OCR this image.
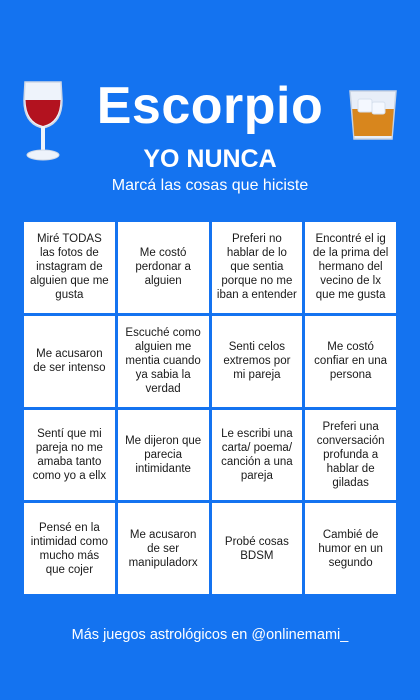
Escorpio
YO NUNCA
Marcá las cosas que hiciste
Miré TODAS las fotos de instagram de alguien que me gusta
Me costó perdonar a alguien
Preferi no hablar de lo que sentia porque no me iban a entender
Encontré el ig de la prima del hermano del vecino de lx que me gusta
Me acusaron de ser intenso
Escuché como alguien me mentia cuando ya sabia la verdad
Senti celos extremos por mi pareja
Me costó confiar en una persona
Sentí que mi pareja no me amaba tanto como yo a ellx
Me dijeron que parecia intimidante
Le escribi una carta/ poema/ canción a una pareja
Preferi una conversación profunda a hablar de giladas
Pensé en la intimidad como mucho más que cojer
Me acusaron de ser manipuladorx
Probé cosas BDSM
Cambié de humor en un segundo
Más juegos astrológicos en @onlinemami_
